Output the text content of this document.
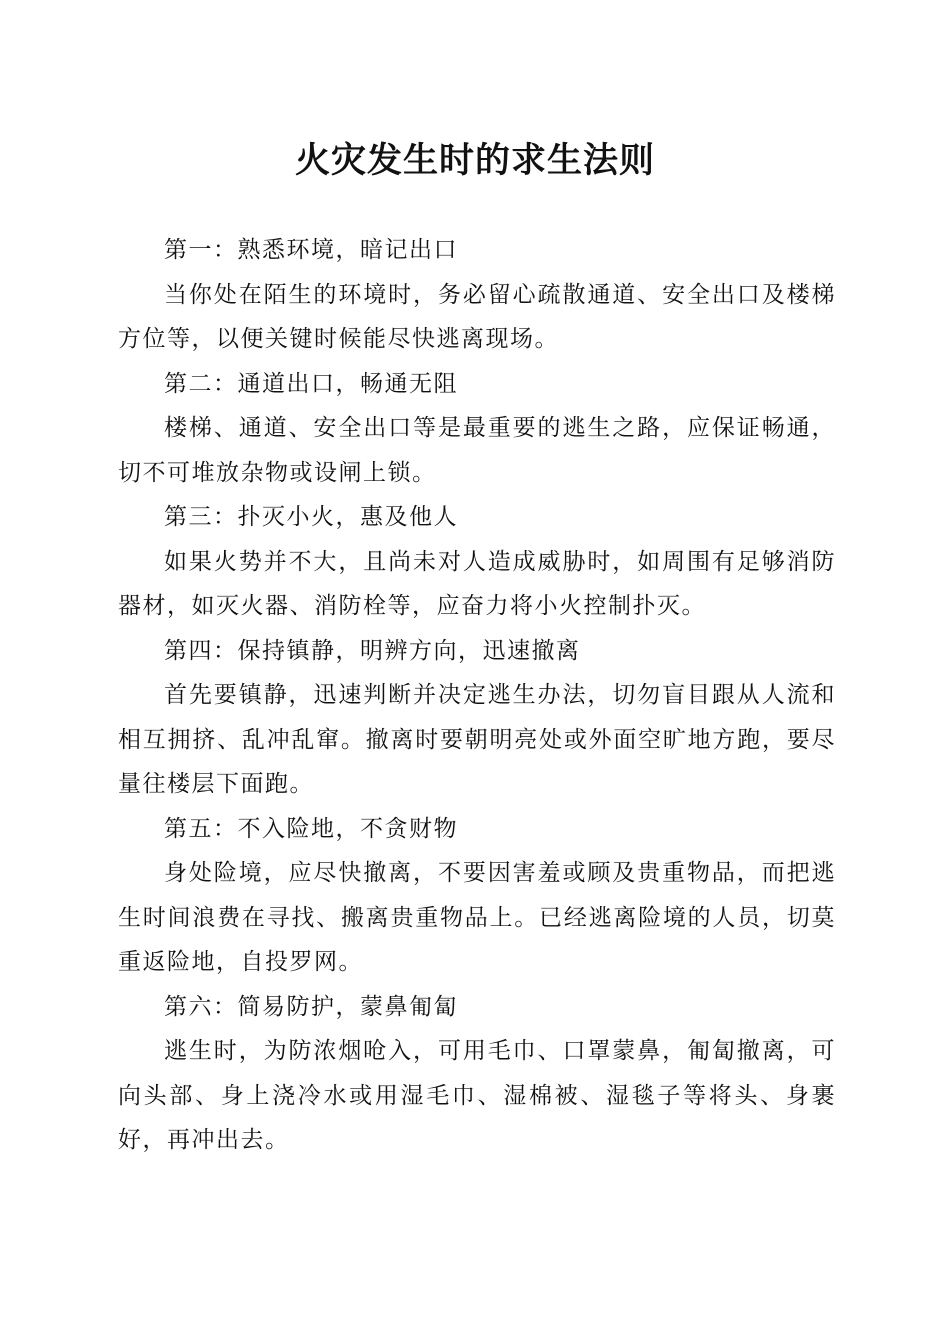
火灾发生时的求生法则

第一：熟悉环境，暗记出口

当你处在陌生的环境时，务必留心疏散通道、安全出口及楼梯方位等，以便关键时候能尽快逃离现场。

第二：通道出口，畅通无阻

楼梯、通道、安全出口等是最重要的逃生之路，应保证畅通，切不可堆放杂物或设闸上锁。

第三：扑灭小火，惠及他人

如果火势并不大，且尚未对人造成威胁时，如周围有足够消防器材，如灭火器、消防栓等，应奋力将小火控制扑灭。

第四：保持镇静，明辨方向，迅速撤离

首先要镇静，迅速判断并决定逃生办法，切勿盲目跟从人流和相互拥挤、乱冲乱窜。撤离时要朝明亮处或外面空旷地方跑，要尽量往楼层下面跑。

第五：不入险地，不贪财物

身处险境，应尽快撤离，不要因害羞或顾及贵重物品，而把逃生时间浪费在寻找、搬离贵重物品上。已经逃离险境的人员，切莫重返险地，自投罗网。

第六：简易防护，蒙鼻匍匐

逃生时，为防浓烟呛入，可用毛巾、口罩蒙鼻，匍匐撤离，可向头部、身上浇冷水或用湿毛巾、湿棉被、湿毯子等将头、身裹好，再冲出去。
